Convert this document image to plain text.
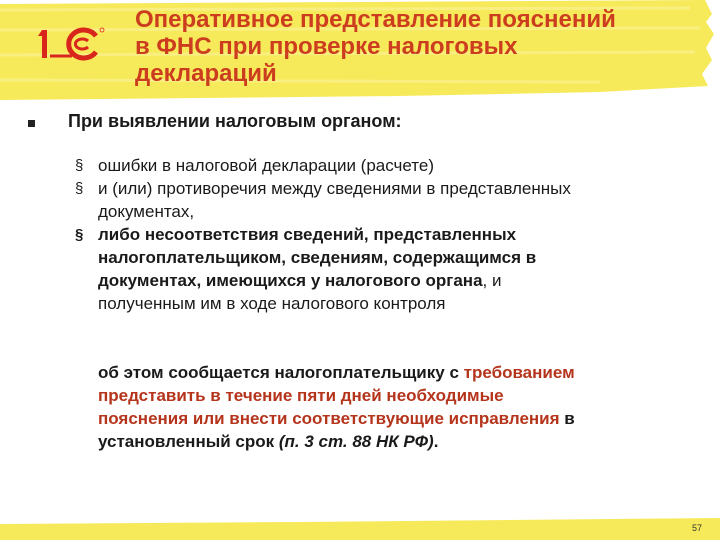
Оперативное представление пояснений
в ФНС при проверке налоговых
деклараций
При выявлении налоговым органом:
§ ошибки в налоговой декларации (расчете)
§ и (или) противоречия между сведениями в представленных
документах,
§ либо несоответствия сведений, представленных
налогоплательщиком, сведениям, содержащимся в
документах, имеющихся у налогового органа, и
полученным им в ходе налогового контроля
об этом сообщается налогоплательщику с требованием
представить в течение пяти дней необходимые
пояснения или внести соответствующие исправления в
установленный срок (п. 3 ст. 88 НК РФ).
57
